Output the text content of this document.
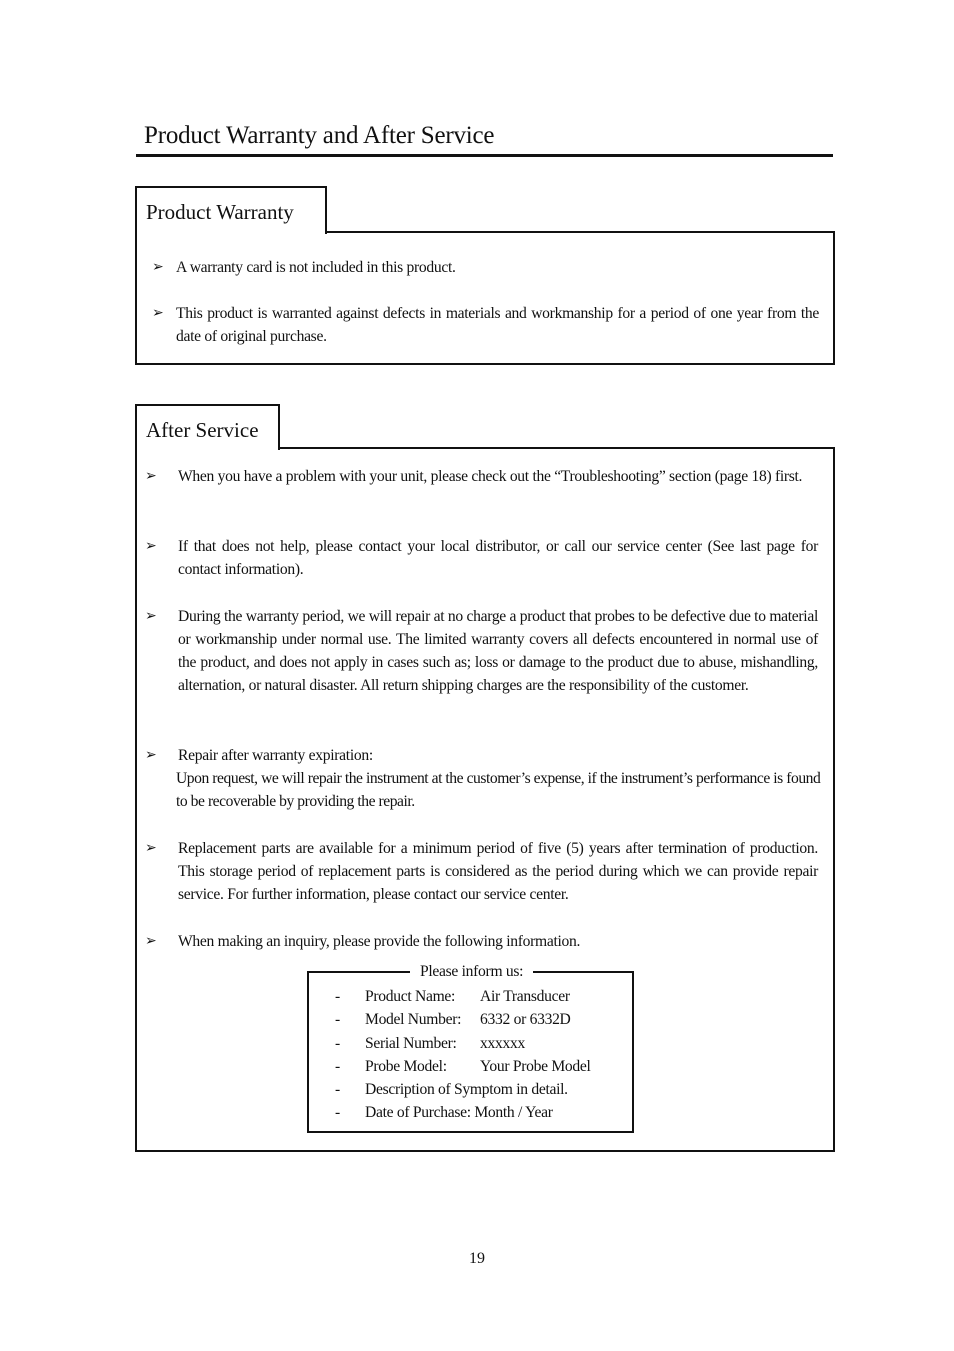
Product Warranty and After Service
Product Warranty
➢ A warranty card is not included in this product.
➢ This product is warranted against defects in materials and workmanship for a period of one year from the date of original purchase.
After Service
➢ When you have a problem with your unit, please check out the “Troubleshooting” section (page 18) first.
➢ If that does not help, please contact your local distributor, or call our service center (See last page for contact information).
➢ During the warranty period, we will repair at no charge a product that probes to be defective due to material or workmanship under normal use. The limited warranty covers all defects encountered in normal use of the product, and does not apply in cases such as; loss or damage to the product due to abuse, mishandling, alternation, or natural disaster. All return shipping charges are the responsibility of the customer.
➢ Repair after warranty expiration:
Upon request, we will repair the instrument at the customer’s expense, if the instrument’s performance is found to be recoverable by providing the repair.
➢ Replacement parts are available for a minimum period of five (5) years after termination of production. This storage period of replacement parts is considered as the period during which we can provide repair service. For further information, please contact our service center.
➢ When making an inquiry, please provide the following information.
Please inform us:
- Product Name: Air Transducer
- Model Number: 6332 or 6332D
- Serial Number: xxxxxx
- Probe Model: Your Probe Model
- Description of Symptom in detail.
- Date of Purchase: Month / Year
19
